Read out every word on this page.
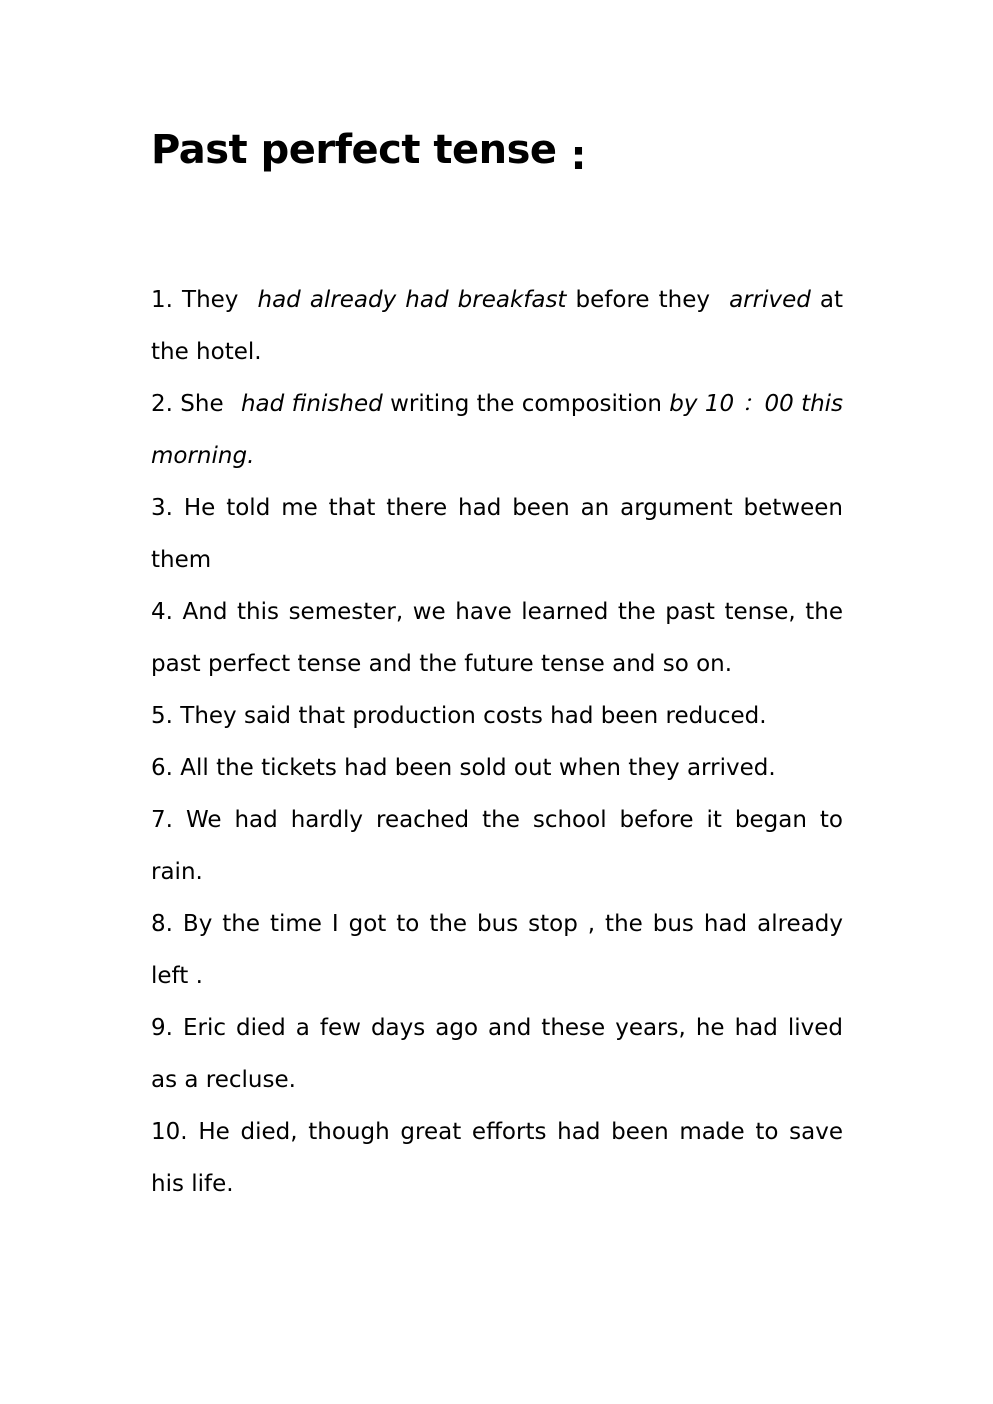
Past perfect tense :
1. They had already had breakfast before they arrived at the hotel.
2. She had finished writing the composition by 10 ：00 this morning.
3. He told me that there had been an argument between them
4. And this semester, we have learned the past tense, the past perfect tense and the future tense and so on.
5. They said that production costs had been reduced.
6. All the tickets had been sold out when they arrived.
7. We had hardly reached the school before it began to rain.
8. By the time I got to the bus stop , the bus had already left .
9. Eric died a few days ago and these years, he had lived as a recluse.
10. He died, though great efforts had been made to save his life.
